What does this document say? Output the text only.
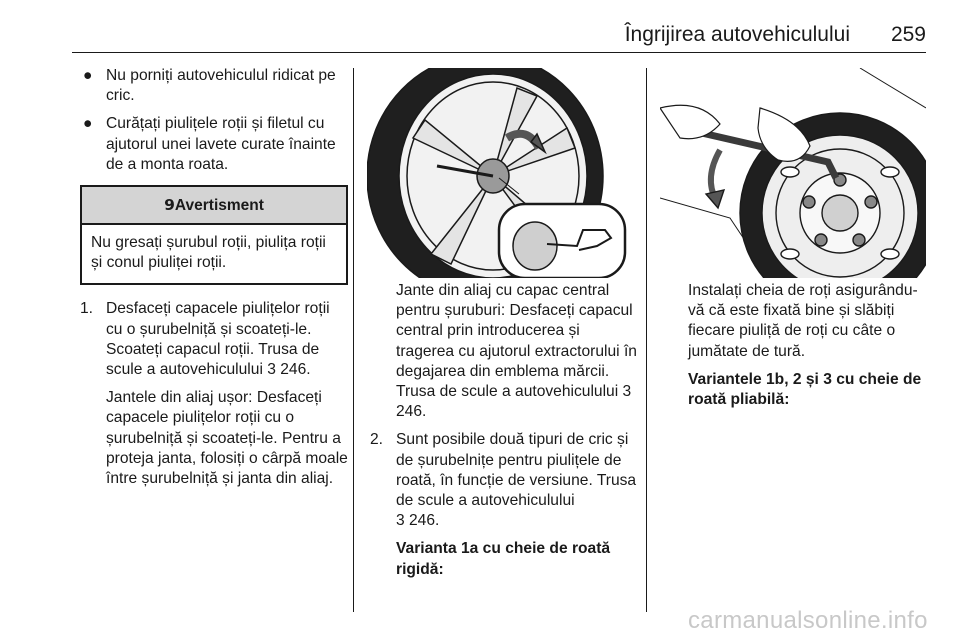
Îngrijirea autovehiculului 259
● Nu porniți autovehiculul ridicat pe cric.
● Curățați piulițele roții și filetul cu ajutorul unei lavete curate înainte de a monta roata.
9Avertisment
Nu gresați șurubul roții, piulița roții și conul piuliței roții.
1. Desfaceți capacele piulițelor roții cu o șurubelniță și scoateți-le. Scoateți capacul roții. Trusa de scule a autovehiculului 3 246.

Jantele din aliaj ușor: Desfaceți capacele piulițelor roții cu o șurubelniță și scoateți-le. Pentru a proteja janta, folosiți o cârpă moale între șurubelniță și janta din aliaj.

Jante din aliaj cu capac central pentru șuruburi: Desfaceți capacul central prin introducerea și tragerea cu ajutorul extractorului în degajarea din emblema mărcii. Trusa de scule a autovehiculului 3 246.

2. Sunt posibile două tipuri de cric și de șurubelnițe pentru piulițele de roată, în funcție de versiune. Trusa de scule a autovehiculului
3 246.

Varianta 1a cu cheie de roată rigidă:

Instalați cheia de roți asigurându-vă că este fixată bine și slăbiți fiecare piuliță de roți cu câte o jumătate de tură.

Variantele 1b, 2 și 3 cu cheie de roată pliabilă:

carmanualsonline.info
